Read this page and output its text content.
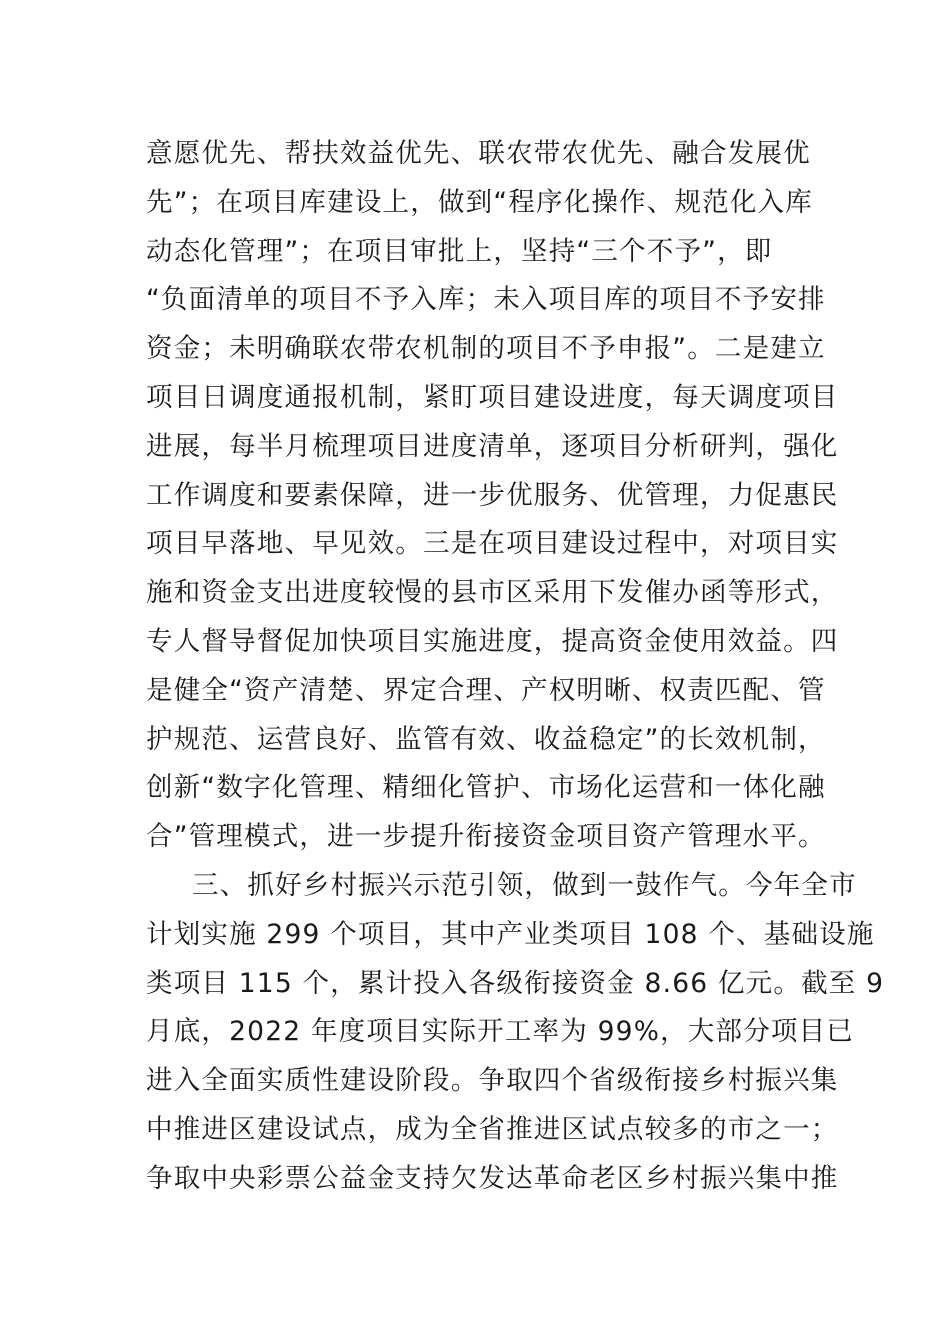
意愿优先、帮扶效益优先、联农带农优先、融合发展优
先”；在项目库建设上，做到“程序化操作、规范化入库
动态化管理”；在项目审批上，坚持“三个不予”，即
“负面清单的项目不予入库；未入项目库的项目不予安排
资金；未明确联农带农机制的项目不予申报”。二是建立
项目日调度通报机制，紧盯项目建设进度，每天调度项目
进展，每半月梳理项目进度清单，逐项目分析研判，强化
工作调度和要素保障，进一步优服务、优管理，力促惠民
项目早落地、早见效。三是在项目建设过程中，对项目实
施和资金支出进度较慢的县市区采用下发催办函等形式，
专人督导督促加快项目实施进度，提高资金使用效益。四
是健全“资产清楚、界定合理、产权明晰、权责匹配、管
护规范、运营良好、监管有效、收益稳定”的长效机制，
创新“数字化管理、精细化管护、市场化运营和一体化融
合”管理模式，进一步提升衔接资金项目资产管理水平。
三、抓好乡村振兴示范引领，做到一鼓作气。今年全市
计划实施 299 个项目，其中产业类项目 108 个、基础设施
类项目 115 个，累计投入各级衔接资金 8.66 亿元。截至 9
月底，2022 年度项目实际开工率为 99%，大部分项目已
进入全面实质性建设阶段。争取四个省级衔接乡村振兴集
中推进区建设试点，成为全省推进区试点较多的市之一；
争取中央彩票公益金支持欠发达革命老区乡村振兴集中推
